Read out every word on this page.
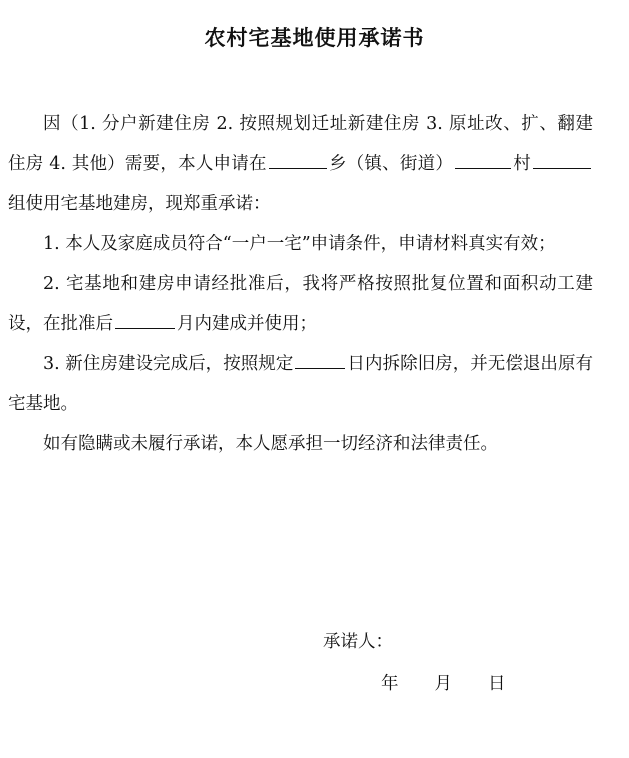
农村宅基地使用承诺书

因（1. 分户新建住房 2. 按照规划迁址新建住房 3. 原址改、扩、翻建住房 4. 其他）需要，本人申请在	乡（镇、街道）	村组使用宅基地建房，现郑重承诺：

1. 本人及家庭成员符合“一户一宅”申请条件，申请材料真实有效；

2. 宅基地和建房申请经批准后，我将严格按照批复位置和面积动工建设，在批准后	月内建成并使用；

3. 新住房建设完成后，按照规定	日内拆除旧房，并无偿退出原有宅基地。

如有隐瞒或未履行承诺，本人愿承担一切经济和法律责任。

承诺人：
年 月 日
